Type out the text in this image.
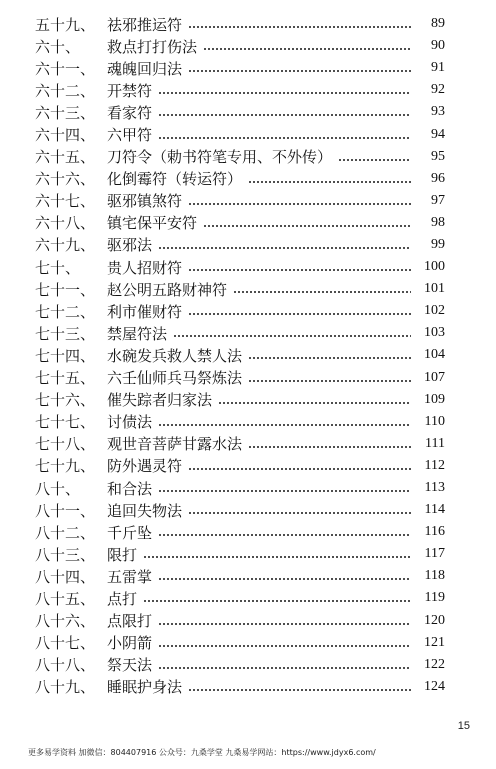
五十九、 祛邪推运符	89
六十、	救点打打伤法	90
六十一、 魂魄回归法	91
六十二、 开禁符	92
六十三、 看家符	93
六十四、 六甲符	94
六十五、 刀符令（勅书符笔专用、不外传）	95
六十六、 化倒霉符（转运符）	96
六十七、 驱邪镇煞符	97
六十八、 镇宅保平安符	98
六十九、 驱邪法	99
七十、	贵人招财符	100
七十一、 赵公明五路财神符	101
七十二、 利市催财符	102
七十三、 禁屋符法	103
七十四、 水碗发兵救人禁人法	104
七十五、 六壬仙师兵马祭炼法	107
七十六、 催失踪者归家法	109
七十七、 讨债法	110
七十八、 观世音菩萨甘露水法	111
七十九、 防外遇灵符	112
八十、	和合法	113
八十一、 追回失物法	114
八十二、 千斤坠	116
八十三、 限打	117
八十四、 五雷掌	118
八十五、 点打	119
八十六、 点限打	120
八十七、 小阴箭	121
八十八、 祭天法	122
八十九、 睡眠护身法	124
15
更多易学资料 加微信：804407916 公众号：九桑学堂 九桑易学网站：https://www.jdyx6.com/
